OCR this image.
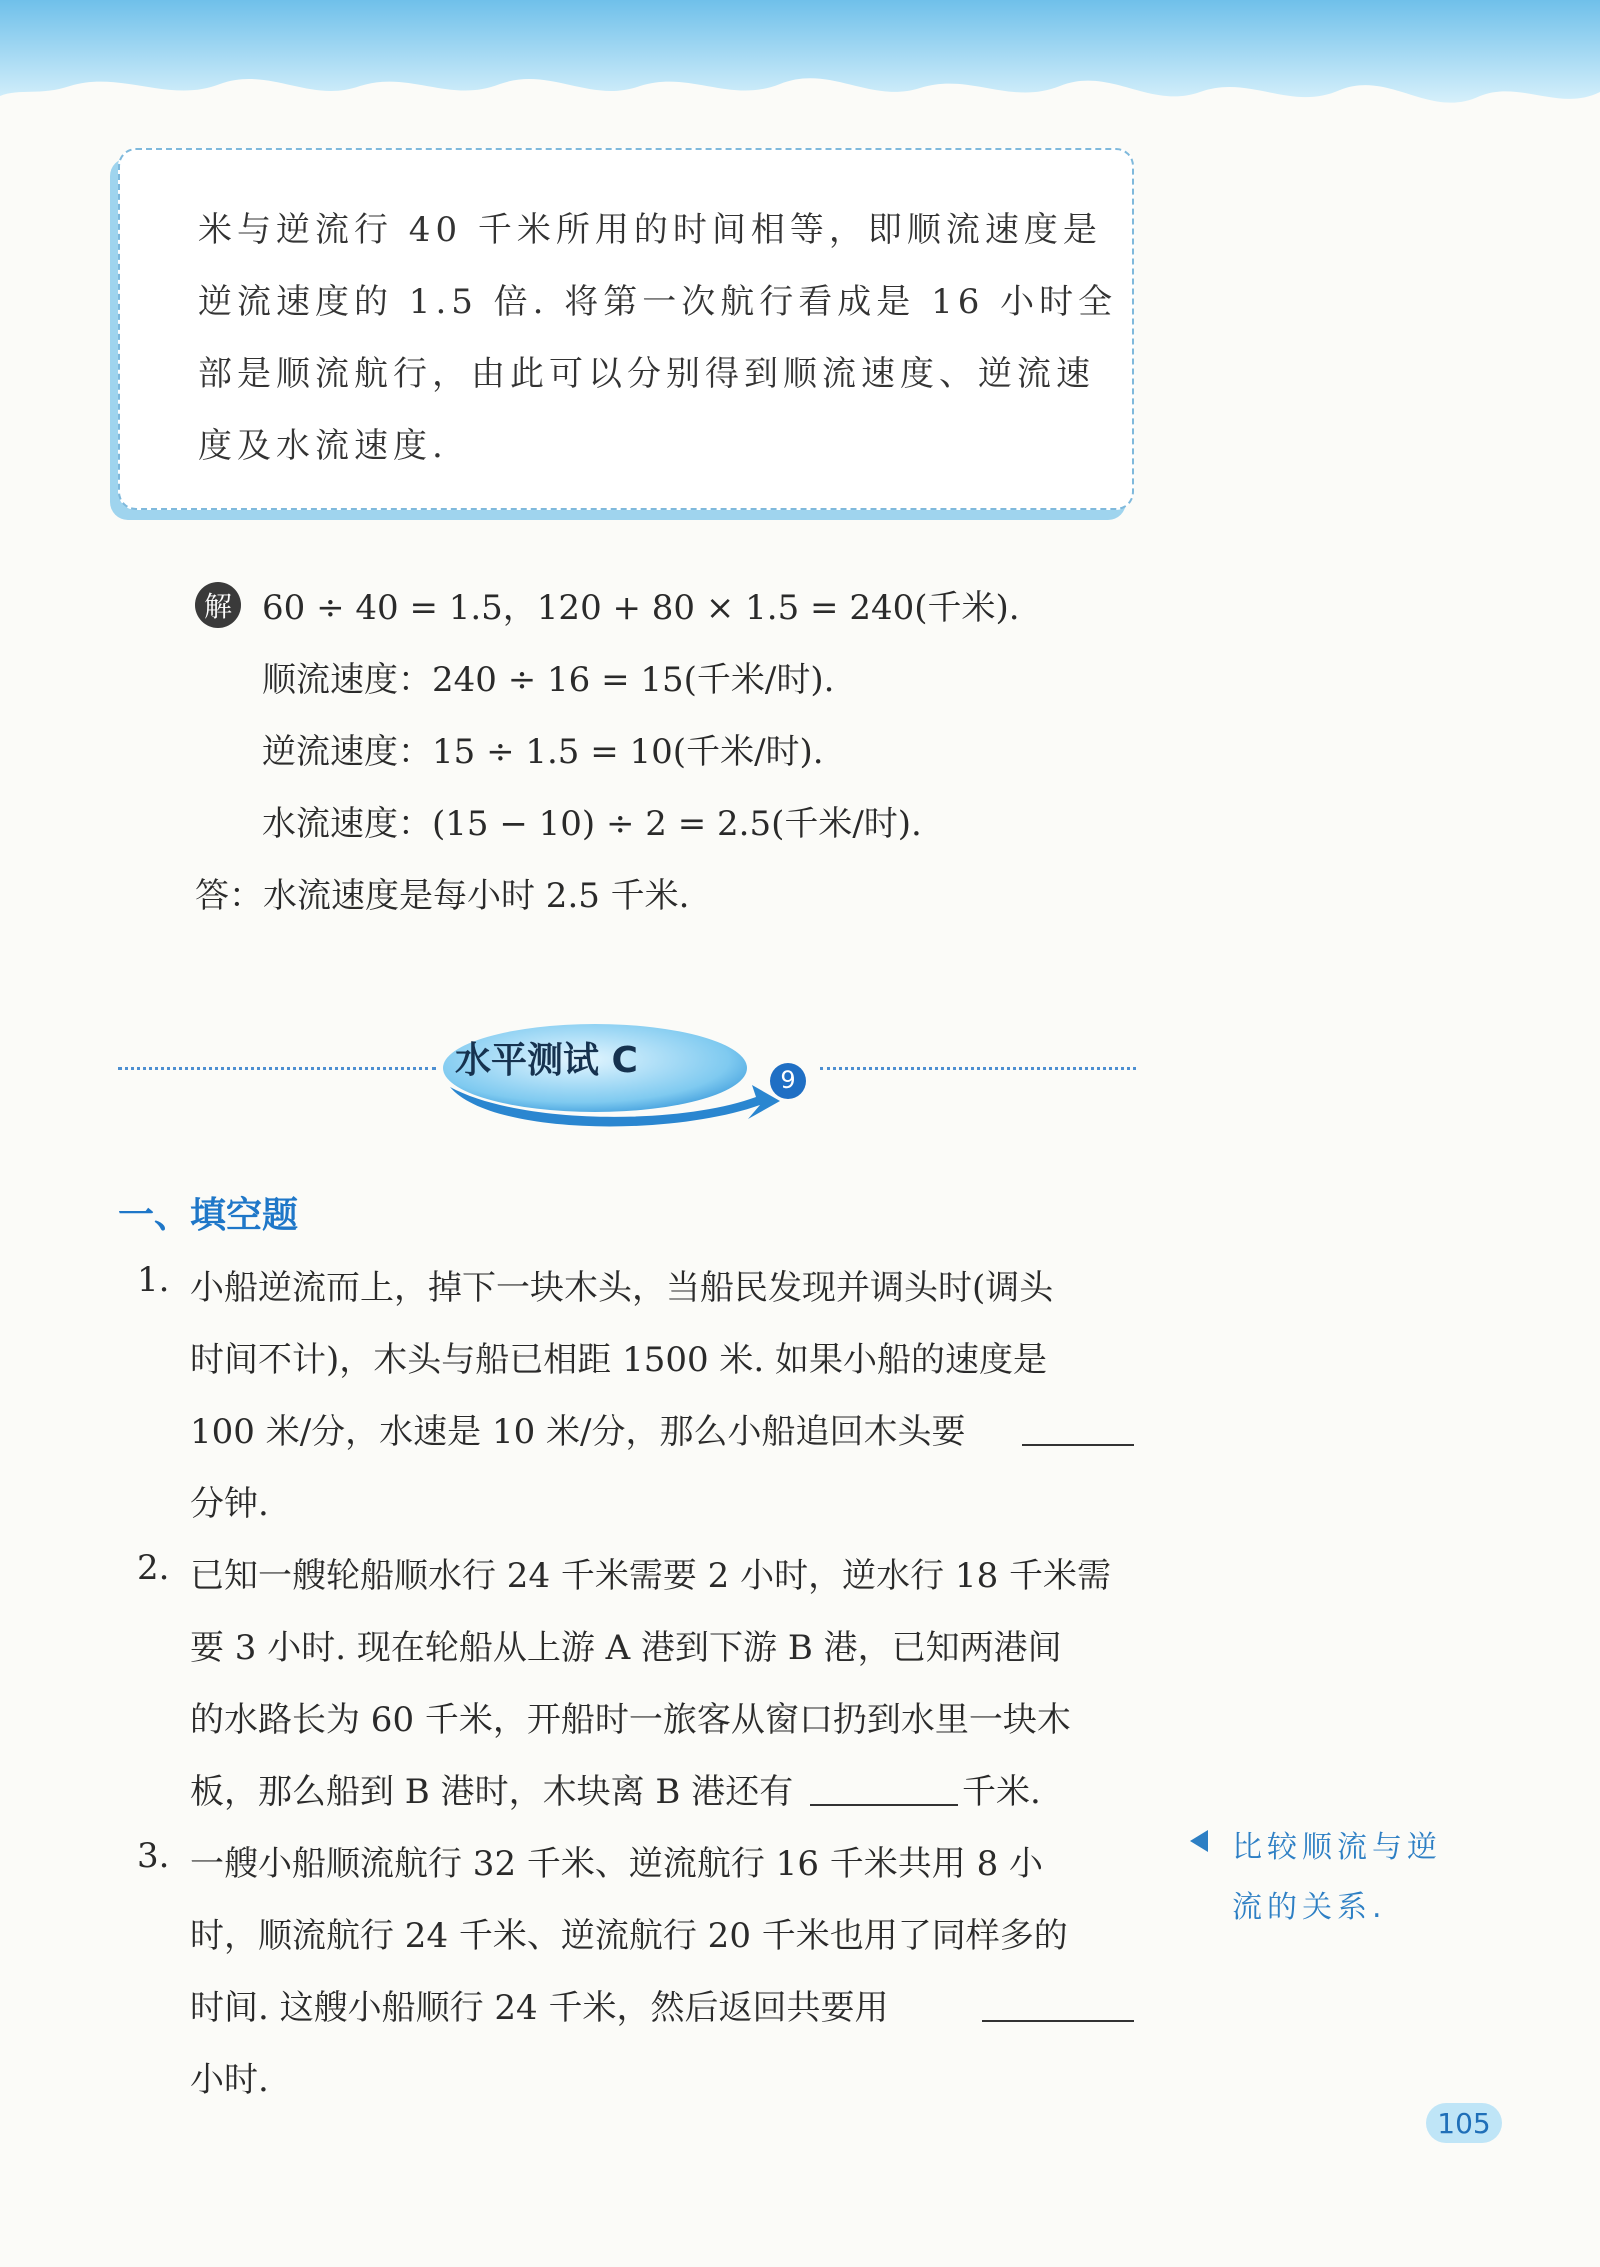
米与逆流行 40 千米所用的时间相等，即顺流速度是

逆流速度的 1.5 倍. 将第一次航行看成是 16 小时全

部是顺流航行，由此可以分别得到顺流速度、逆流速

度及水流速度.

解 60 ÷ 40 = 1.5，120 + 80 × 1.5 = 240(千米).

顺流速度：240 ÷ 16 = 15(千米/时).

逆流速度：15 ÷ 1.5 = 10(千米/时).

水流速度：(15 − 10) ÷ 2 = 2.5(千米/时).

答：水流速度是每小时 2.5 千米.

水平测试 C	9

一、填空题

1. 小船逆流而上，掉下一块木头，当船民发现并调头时(调头

时间不计)，木头与船已相距 1500 米. 如果小船的速度是

100 米/分，水速是 10 米/分，那么小船追回木头要

分钟.

2. 已知一艘轮船顺水行 24 千米需要 2 小时，逆水行 18 千米需

要 3 小时. 现在轮船从上游 A 港到下游 B 港，已知两港间

的水路长为 60 千米，开船时一旅客从窗口扔到水里一块木

板，那么船到 B 港时，木块离 B 港还有	千米.

3. 一艘小船顺流航行 32 千米、逆流航行 16 千米共用 8 小

时，顺流航行 24 千米、逆流航行 20 千米也用了同样多的

时间. 这艘小船顺行 24 千米，然后返回共要用

小时.

比较顺流与逆

流的关系.

105
